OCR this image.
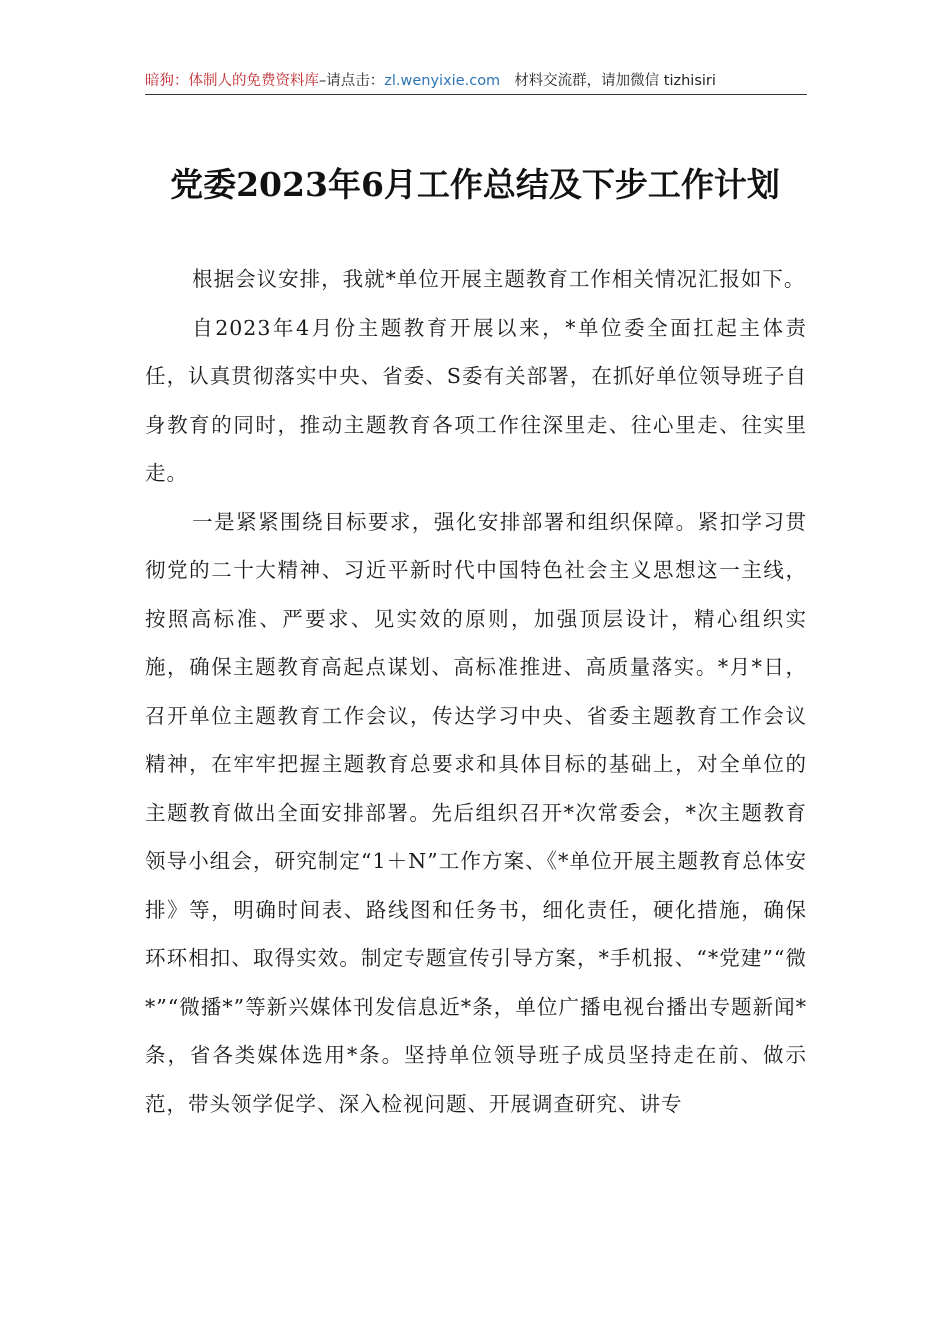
暗狗：体制人的免费资料库–请点击：zl.wenyixie.com 材料交流群，请加微信 tizhisiri
党委2023年6月工作总结及下步工作计划

根据会议安排，我就*单位开展主题教育工作相关情况汇报如下。

自2023年4月份主题教育开展以来，*单位委全面扛起主体责任，认真贯彻落实中央、省委、S委有关部署，在抓好单位领导班子自身教育的同时，推动主题教育各项工作往深里走、往心里走、往实里走。

一是紧紧围绕目标要求，强化安排部署和组织保障。紧扣学习贯彻党的二十大精神、习近平新时代中国特色社会主义思想这一主线，按照高标准、严要求、见实效的原则，加强顶层设计，精心组织实施，确保主题教育高起点谋划、高标准推进、高质量落实。*月*日，召开单位主题教育工作会议，传达学习中央、省委主题教育工作会议精神，在牢牢把握主题教育总要求和具体目标的基础上，对全单位的主题教育做出全面安排部署。先后组织召开*次常委会，*次主题教育领导小组会，研究制定“1＋N”工作方案、《*单位开展主题教育总体安排》等，明确时间表、路线图和任务书，细化责任，硬化措施，确保环环相扣、取得实效。制定专题宣传引导方案，*手机报、“*党建”“微*”“微播*”等新兴媒体刊发信息近*条，单位广播电视台播出专题新闻*条，省各类媒体选用*条。坚持单位领导班子成员坚持走在前、做示范，带头领学促学、深入检视问题、开展调查研究、讲专
